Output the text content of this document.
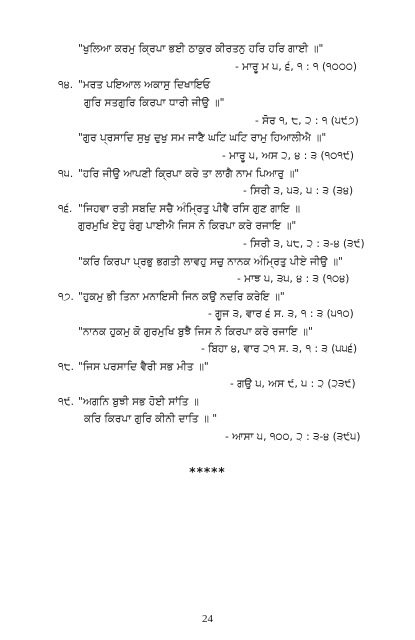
"ਖੁਲਿਆ ਕਰਮੁ ਕ੍ਰਿਪਾ ਭਈ ਠਾਕੁਰ ਕੀਰਤਨੁ ਹਰਿ ਹਰਿ ਗਾਈ ॥"
- ਮਾਰੂ ਮ ੫, ੬, ੧ : ੧ (੧੦੦੦)
੧੪. "ਮਰਤ ਪਇਆਲ ਅਕਾਸੁ ਦਿਖਾਇਓ
ਗੁਰਿ ਸਤਗੁਰਿ ਕਿਰਪਾ ਧਾਰੀ ਜੀਉ ॥"
- ਸੋਰ ੧, ੮, ੨ : ੧ (੫੯੭)
"ਗੁਰ ਪ੍ਰਸਾਦਿ ਸੁਖੁ ਦੁਖੁ ਸਮ ਜਾਣੈ ਘਟਿ ਘਟਿ ਰਾਮੁ ਹਿਆਲੀਐ ॥"
- ਮਾਰੂ ੫, ਅਸ ੨, ੪ : ੩ (੧੦੧੯)
੧੫. "ਹਰਿ ਜੀਉ ਆਪਣੀ ਕ੍ਰਿਪਾ ਕਰੇ ਤਾ ਲਾਗੈ ਨਾਮ ਪਿਆਰੁ ॥"
- ਸਿਰੀ ੩, ੫੩, ੫ : ੩ (੩੪)
੧੬. "ਜਿਹਵਾ ਰਤੀ ਸਬਦਿ ਸਚੈ ਅੰਮ੍ਰਿਤੁ ਪੀਵੈ ਰਸਿ ਗੁਣ ਗਾਇ ॥
ਗੁਰਮੁਖਿ ਏਹੁ ਰੰਗੁ ਪਾਈਐ ਜਿਸ ਨੋ ਕਿਰਪਾ ਕਰੇ ਰਜਾਇ ॥"
- ਸਿਰੀ ੩, ੫੮, ੨ : ੩-੪ (੩੯)
"ਕਰਿ ਕਿਰਪਾ ਪ੍ਰਭੁ ਭਗਤੀ ਲਾਵਹੁ ਸਚੁ ਨਾਨਕ ਅੰਮ੍ਰਿਤੁ ਪੀਏ ਜੀਉ ॥"
- ਮਾਝ ੫, ੩੫, ੪ : ੩ (੧੦੪)
੧੭. "ਹੁਕਮੁ ਭੀ ਤਿਨਾ ਮਨਾਇਸੀ ਜਿਨ ਕਉ ਨਦਰਿ ਕਰੇਇ ॥"
- ਗੂਜ ੩, ਵਾਰ ੬ ਸ. ੩, ੧ : ੩ (੫੧੦)
"ਨਾਨਕ ਹੁਕਮੁ ਕੋ ਗੁਰਮੁਖਿ ਬੁਝੈ ਜਿਸ ਨੋ ਕਿਰਪਾ ਕਰੇ ਰਜਾਇ ॥"
- ਬਿਹਾ ੪, ਵਾਰ ੨੧ ਸ. ੩, ੧ : ੩ (੫੫੬)
੧੮. "ਜਿਸ ਪਰਸਾਦਿ ਵੈਰੀ ਸਭ ਮੀਤ ॥"
- ਗਉ ੫, ਅਸ ੯, ੫ : ੨ (੨੩੯)
੧੯. "ਅਗਨਿ ਬੁਝੀ ਸਭ ਹੋਈ ਸਾਂਤਿ ॥
ਕਰਿ ਕਿਰਪਾ ਗੁਰਿ ਕੀਨੀ ਦਾਤਿ ॥ "
- ਆਸਾ ੫, ੧੦੦, ੨ : ੩-੪ (੩੯੫)
*****
24
